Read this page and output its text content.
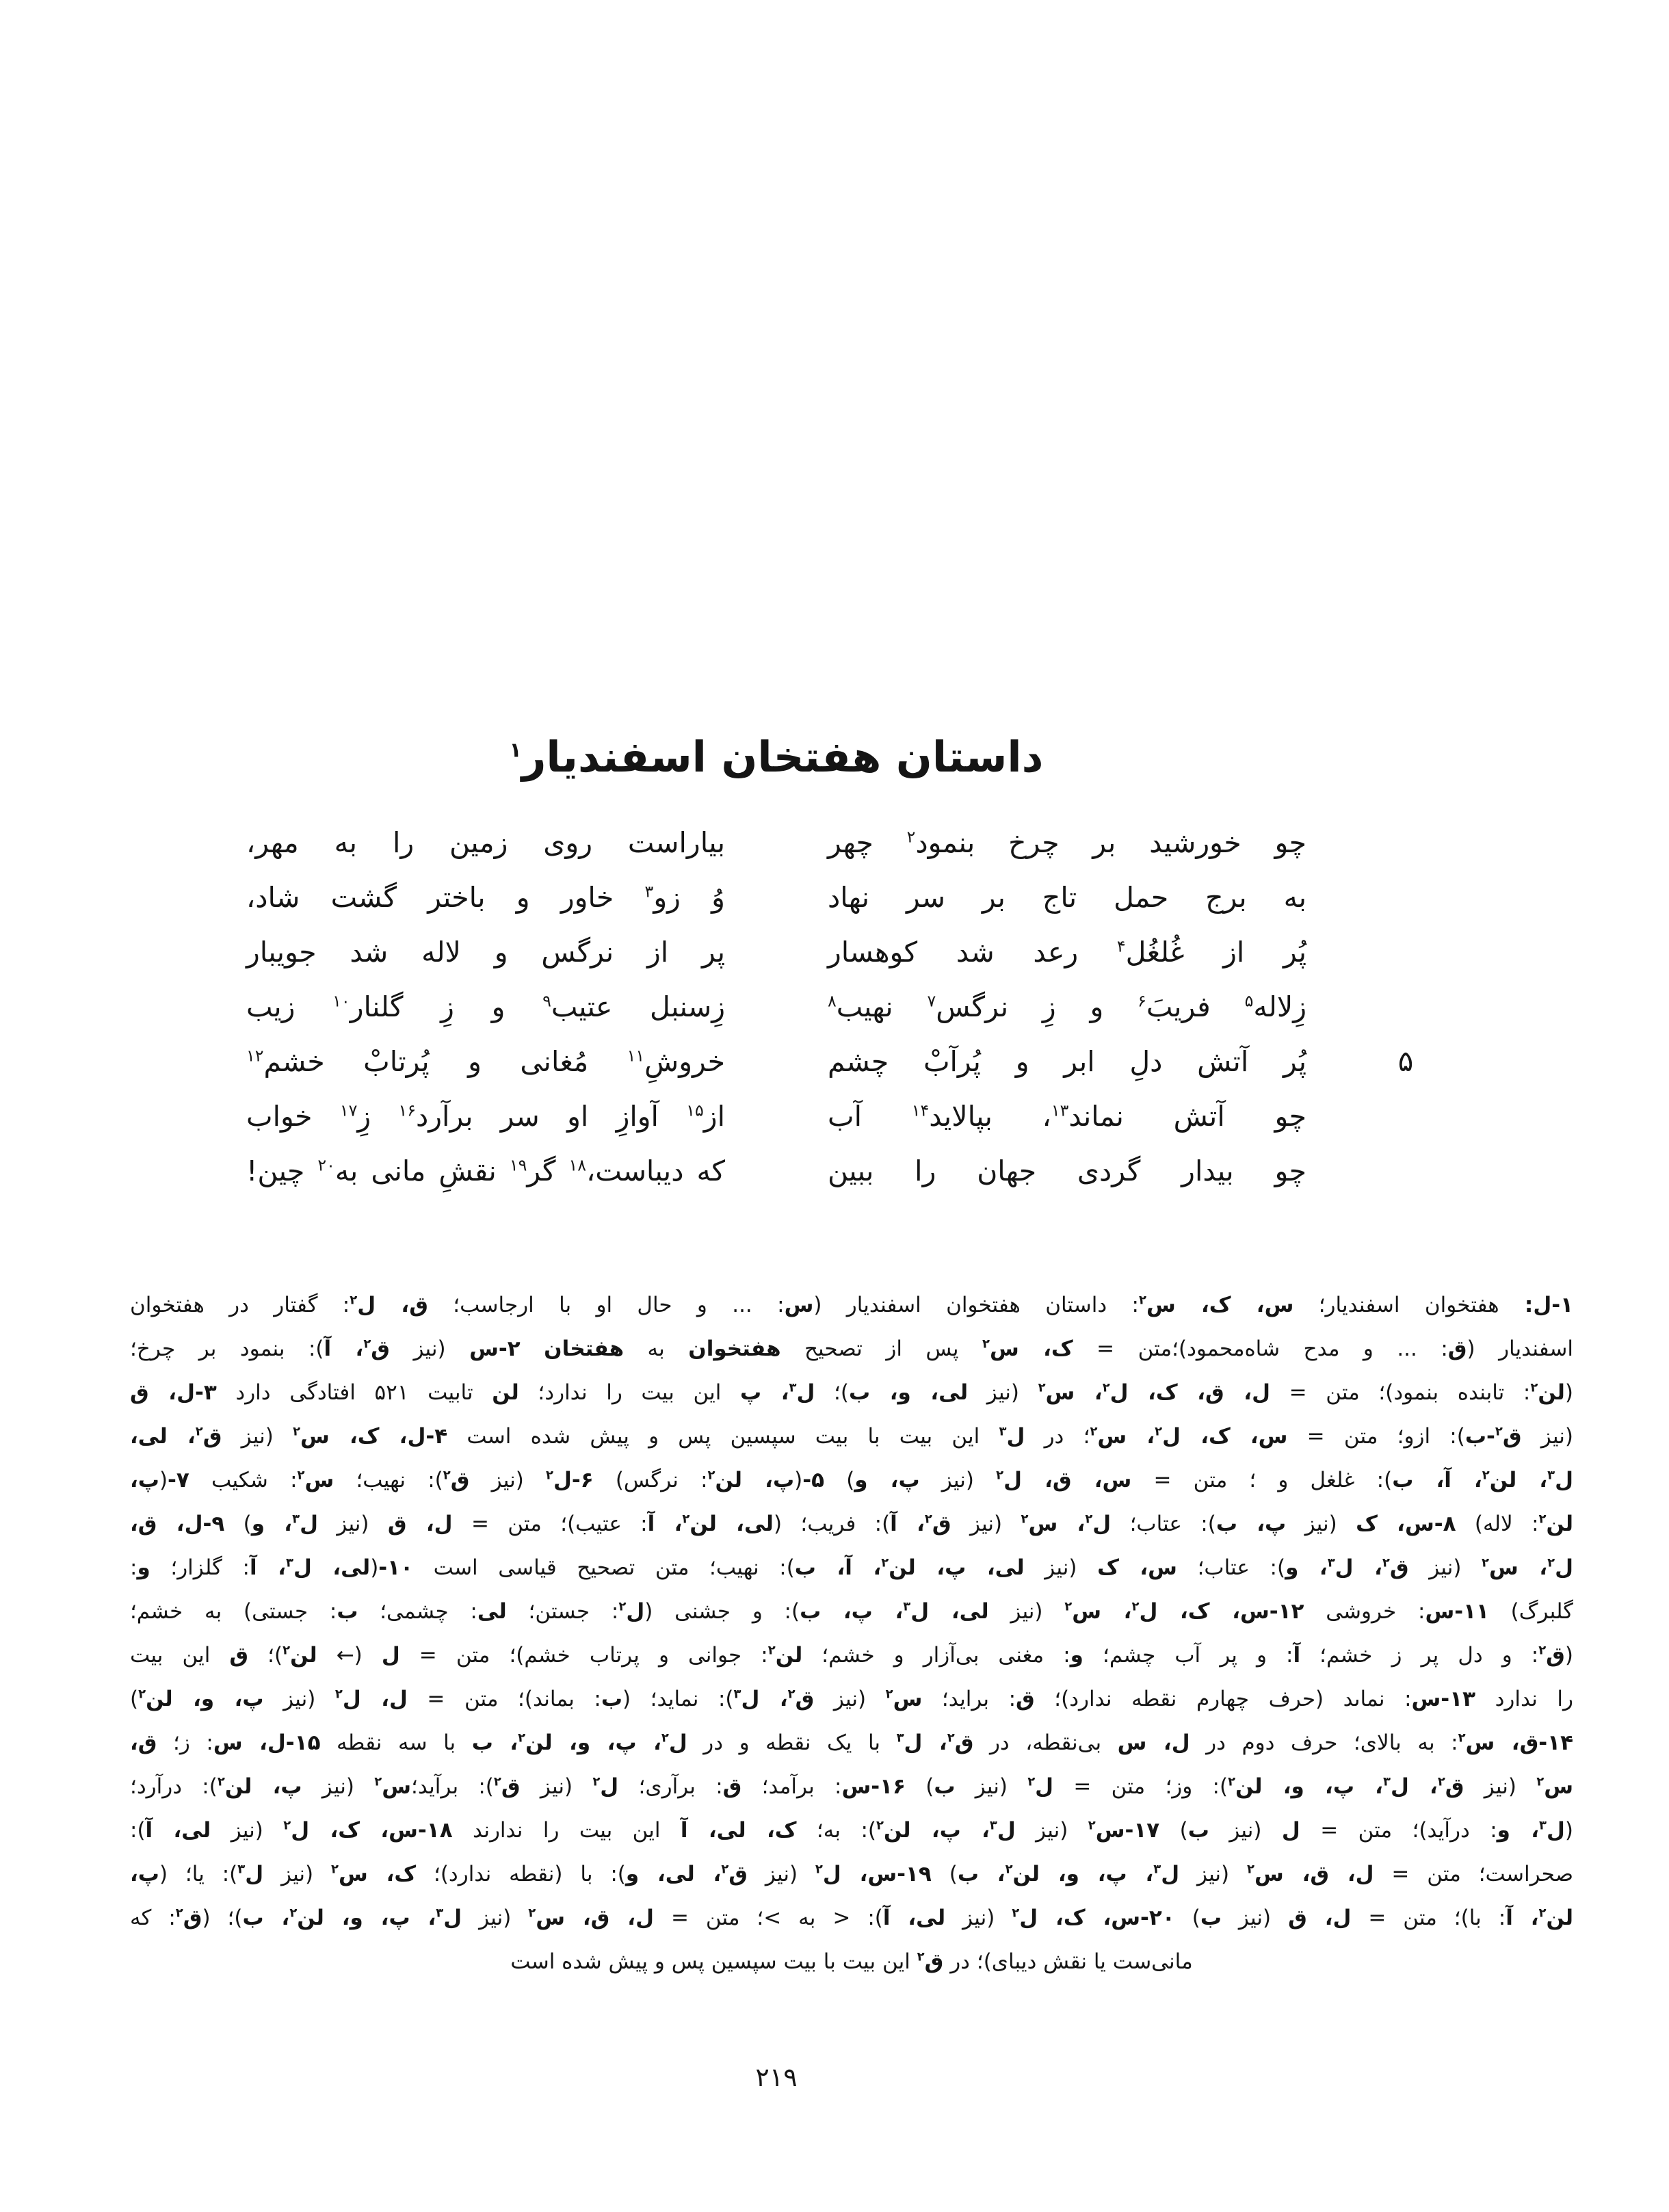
داستان هفتخان اسفندیار$^۱$
چو خورشید بر چرخ بنمود$^۲$ چهر
بیاراست روی زمین را به مهر،
به برج حمل تاج بر سر نهاد
وُ زو$^۳$ خاور و باختر گشت شاد،
پُر از غُلغُل$^۴$ رعد شد کوهسار
پر از نرگس و لاله شد جویبار
زِلاله$^۵$ فریبَ$^۶$ و زِ نرگس$^۷$ نهیب$^۸$
زِسنبل عتیب$^۹$ و زِ گلنار$^{۱۰}$ زیب
پُر آتش دلِ ابر و پُرآبْ چشم
خروشِ$^{۱۱}$ مُغانی و پُرتابْ خشم$^{۱۲}$
چو آتش نماند$^{۱۳}$، بپالاید$^{۱۴}$ آب
از$^{۱۵}$ آوازِ او سر برآرد$^{۱۶}$ زِ$^{۱۷}$ خواب
چو بیدار گردی جهان را ببین
که دیباست،$^{۱۸}$ گر$^{۱۹}$ نقشِ مانی به$^{۲۰}$ چین!
۵
۱-ل: هفتخوان اسفندیار؛ س، ک، س$^۲$: داستان هفتخوان اسفندیار (س: ... و حال او با ارجاسب؛ ق، ل$^۲$: گفتار در هفتخوان
اسفندیار (ق: ... و مدح شاه‌محمود)؛متن = ک، س$^۲$ پس از تصحیح هفتخوان به هفتخان ۲-س (نیز ق$^۲$، آ): بنمود بر چرخ؛
(لن$^۲$: تابنده بنمود)؛ متن = ل، ق، ک، ل$^۲$، س$^۲$ (نیز لی، و، ب)؛ ل$^۳$، پ این بیت را ندارد؛ لن تابیت ۵۲۱ افتادگی دارد ۳-ل، ق
(نیز ق$^۲$-ب): ازو؛ متن = س، ک، ل$^۲$، س$^۲$؛ در ل$^۳$ این بیت با بیت سپسین پس و پیش شده است ۴-ل، ک، س$^۲$ (نیز ق$^۲$، لی،
ل$^۳$، لن$^۲$، آ، ب): غلغل و ؛ متن = س، ق، ل$^۲$ (نیز پ، و) ۵-(پ، لن$^۲$: نرگس) ۶-ل$^۲$ (نیز ق$^۲$): نهیب؛ س$^۲$: شکیب ۷-(پ،
لن$^۲$: لاله) ۸-س، ک (نیز پ، ب): عتاب؛ ل$^۲$، س$^۲$ (نیز ق$^۲$، آ): فریب؛ (لی، لن$^۲$، آ: عتیب)؛ متن = ل، ق (نیز ل$^۳$، و) ۹-ل، ق،
ل$^۲$، س$^۲$ (نیز ق$^۲$، ل$^۳$، و): عتاب؛ س، ک (نیز لی، پ، لن$^۲$، آ، ب): نهیب؛ متن تصحیح قیاسی است ۱۰-(لی، ل$^۳$، آ: گلزار؛ و:
گلبرگ) ۱۱-س: خروشی ۱۲-س، ک، ل$^۲$، س$^۲$ (نیز لی، ل$^۳$، پ، ب): و جشنی (ل$^۲$: جستن؛ لی: چشمی؛ ب: جستی) به خشم؛
(ق$^۲$: و دل پر ز خشم؛ آ: و پر آب چشم؛ و: مغنی بی‌آزار و خشم؛ لن$^۲$: جوانی و پرتاب خشم)؛ متن = ل (← لن$^۲$)؛ ق این بیت
را ندارد ۱۳-س: نماىد (حرف چهارم نقطه ندارد)؛ ق: براید؛ س$^۲$ (نیز ق$^۲$، ل$^۳$): نماید؛ (ب: بماند)؛ متن = ل، ل$^۲$ (نیز پ، و، لن$^۲$)
۱۴-ق، س$^۲$: به بالای؛ حرف دوم در ل، س بی‌نقطه، در ق$^۲$، ل$^۳$ با یک نقطه و در ل$^۲$، پ، و، لن$^۲$، ب با سه نقطه ۱۵-ل، س: ز؛ ق،
س$^۲$ (نیز ق$^۲$، ل$^۳$، پ، و، لن$^۲$): وز؛ متن = ل$^۲$ (نیز ب) ۱۶-س: برآمد؛ ق: برآری؛ ل$^۲$ (نیز ق$^۲$): برآید؛س$^۲$ (نیز پ، لن$^۲$): درآرد؛
(ل$^۳$، و: درآید)؛ متن = ل (نیز ب) ۱۷-س$^۲$ (نیز ل$^۳$، پ، لن$^۲$): به؛ ک، لی، آ این بیت را ندارند ۱۸-س، ک، ل$^۲$ (نیز لی، آ):
صحراست؛ متن = ل، ق، س$^۲$ (نیز ل$^۳$، پ، و، لن$^۲$، ب) ۱۹-س، ل$^۲$ (نیز ق$^۲$، لی، و): با (نقطه ندارد)؛ ک، س$^۲$ (نیز ل$^۳$): یا؛ (پ،
لن$^۲$، آ: با)؛ متن = ل، ق (نیز ب) ۲۰-س، ک، ل$^۲$ (نیز لی، آ): < به >؛ متن = ل، ق، س$^۲$ (نیز ل$^۳$، پ، و، لن$^۲$، ب)؛ (ق$^۲$: که
مانی‌ست یا نقش دیبای)؛ در ق$^۲$ این بیت با بیت سپسین پس و پیش شده است
۲۱۹
